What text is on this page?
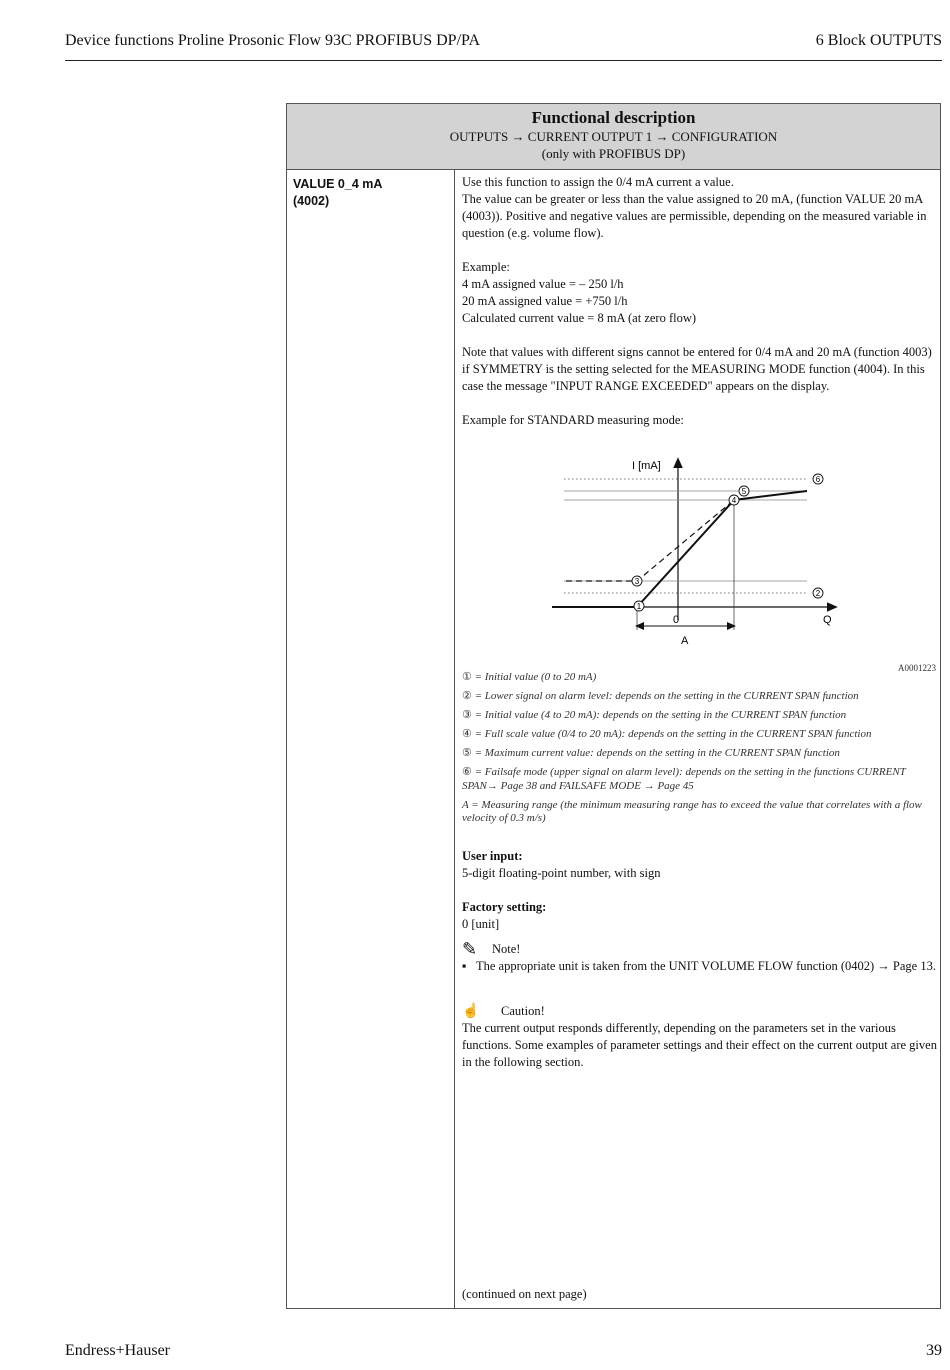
Device functions Proline Prosonic Flow 93C PROFIBUS DP/PA	6 Block OUTPUTS
Functional description
OUTPUTS → CURRENT OUTPUT 1 → CONFIGURATION
(only with PROFIBUS DP)
VALUE 0_4 mA
(4002)

Use this function to assign the 0/4 mA current a value.

The value can be greater or less than the value assigned to 20 mA, (function VALUE 20 mA (4003)). Positive and negative values are permissible, depending on the measured variable in question (e.g. volume flow).

Example:

4 mA assigned value = – 250 l/h

20 mA assigned value = +750 l/h

Calculated current value = 8 mA (at zero flow)

Note that values with different signs cannot be entered for 0/4 mA and 20 mA (function 4003) if SYMMETRY is the setting selected for the MEASURING MODE function (4004). In this case the message "INPUT RANGE EXCEEDED" appears on the display.

Example for STANDARD measuring mode:

1
2
3
4
5
6
I [mA]
Q
0
A
A0001223
① = Initial value (0 to 20 mA)
② = Lower signal on alarm level: depends on the setting in the CURRENT SPAN function
③ = Initial value (4 to 20 mA): depends on the setting in the CURRENT SPAN function
④ = Full scale value (0/4 to 20 mA): depends on the setting in the CURRENT SPAN function
⑤ = Maximum current value: depends on the setting in the CURRENT SPAN function
⑥ = Failsafe mode (upper signal on alarm level): depends on the setting in the functions CURRENT SPAN→ Page 38 and FAILSAFE MODE → Page 45
A = Measuring range (the minimum measuring range has to exceed the value that correlates with a flow velocity of 0.3 m/s)

User input:

5-digit floating-point number, with sign

Factory setting:

0 [unit]

✎	Note!
▪ The appropriate unit is taken from the UNIT VOLUME FLOW function (0402) → Page 13.
☝	Caution!

The current output responds differently, depending on the parameters set in the various functions. Some examples of parameter settings and their effect on the current output are given in the following section.

(continued on next page)
Endress+Hauser	39
